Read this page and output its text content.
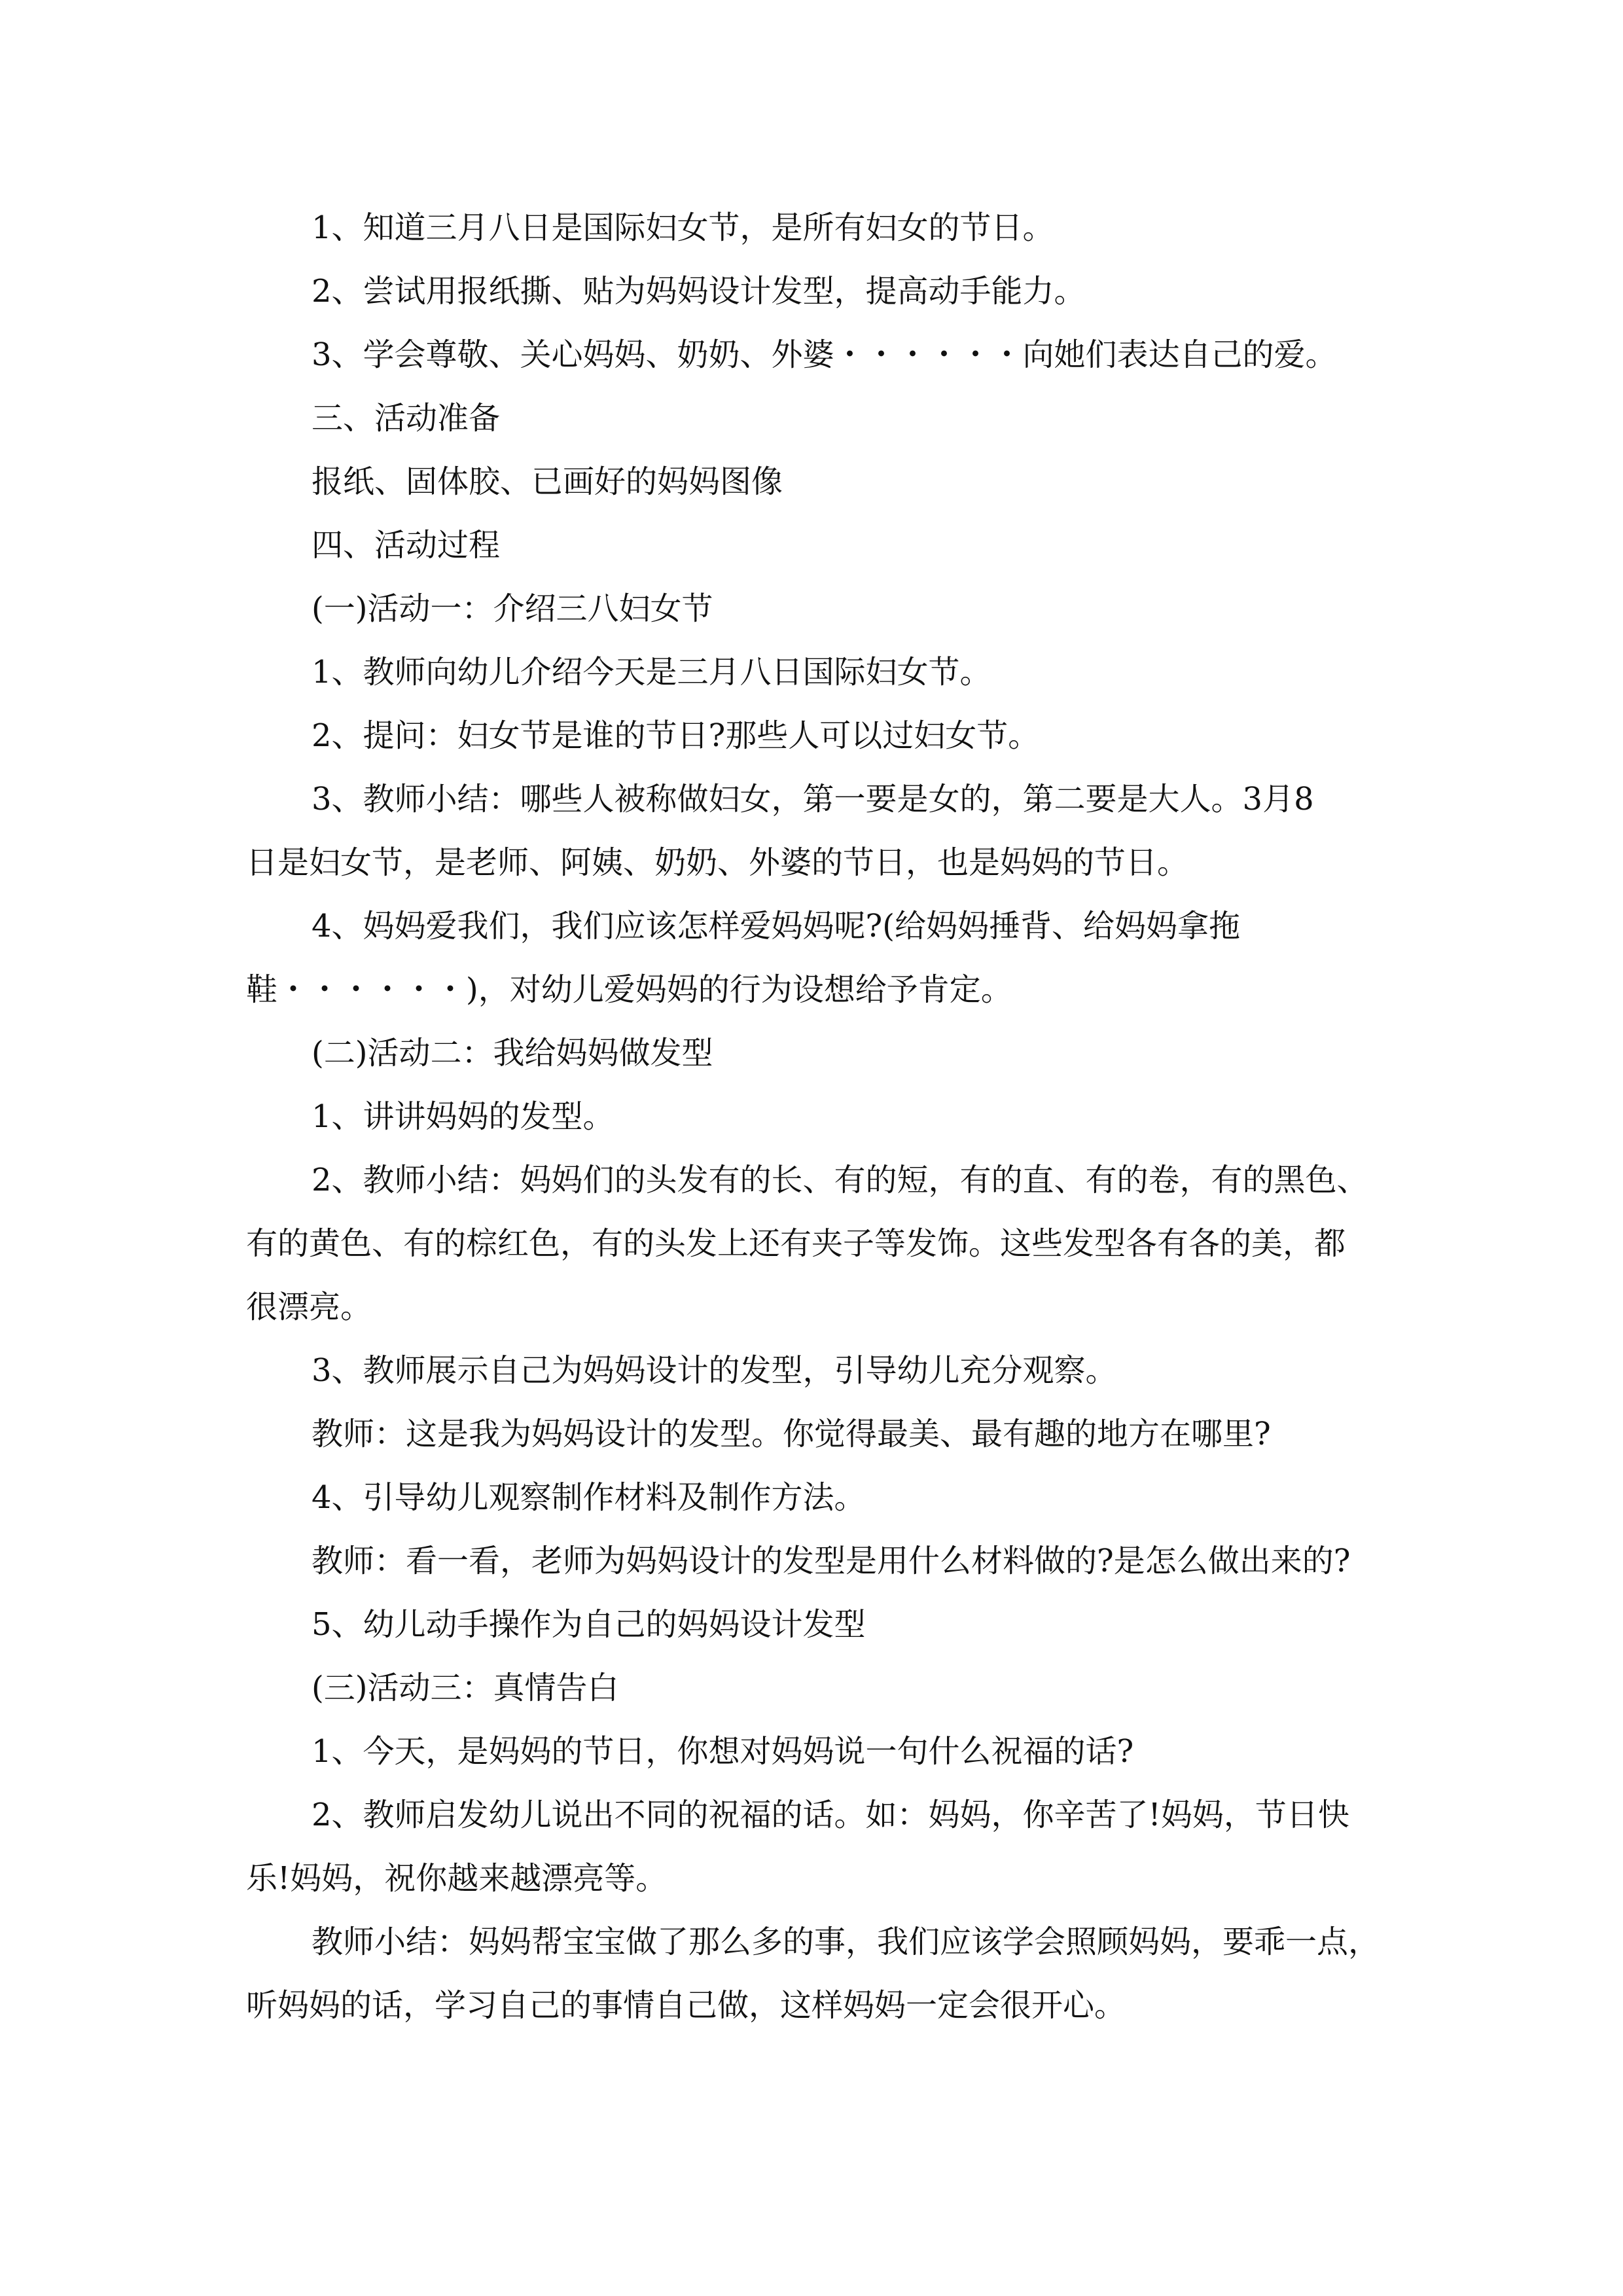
1、知道三月八日是国际妇女节，是所有妇女的节日。

2、尝试用报纸撕、贴为妈妈设计发型，提高动手能力。

3、学会尊敬、关心妈妈、奶奶、外婆・・・・・・向她们表达自己的爱。

三、活动准备

报纸、固体胶、已画好的妈妈图像

四、活动过程

(一)活动一：介绍三八妇女节

1、教师向幼儿介绍今天是三月八日国际妇女节。

2、提问：妇女节是谁的节日?那些人可以过妇女节。

3、教师小结：哪些人被称做妇女，第一要是女的，第二要是大人。3月8
日是妇女节，是老师、阿姨、奶奶、外婆的节日，也是妈妈的节日。

4、妈妈爱我们，我们应该怎样爱妈妈呢?(给妈妈捶背、给妈妈拿拖
鞋・・・・・・)，对幼儿爱妈妈的行为设想给予肯定。

(二)活动二：我给妈妈做发型

1、讲讲妈妈的发型。

2、教师小结：妈妈们的头发有的长、有的短，有的直、有的卷，有的黑色、
有的黄色、有的棕红色，有的头发上还有夹子等发饰。这些发型各有各的美，都
很漂亮。

3、教师展示自己为妈妈设计的发型，引导幼儿充分观察。

教师：这是我为妈妈设计的发型。你觉得最美、最有趣的地方在哪里?

4、引导幼儿观察制作材料及制作方法。

教师：看一看，老师为妈妈设计的发型是用什么材料做的?是怎么做出来的?

5、幼儿动手操作为自己的妈妈设计发型

(三)活动三：真情告白

1、今天，是妈妈的节日，你想对妈妈说一句什么祝福的话?

2、教师启发幼儿说出不同的祝福的话。如：妈妈，你辛苦了!妈妈，节日快
乐!妈妈，祝你越来越漂亮等。

教师小结：妈妈帮宝宝做了那么多的事，我们应该学会照顾妈妈，要乖一点，
听妈妈的话，学习自己的事情自己做，这样妈妈一定会很开心。
